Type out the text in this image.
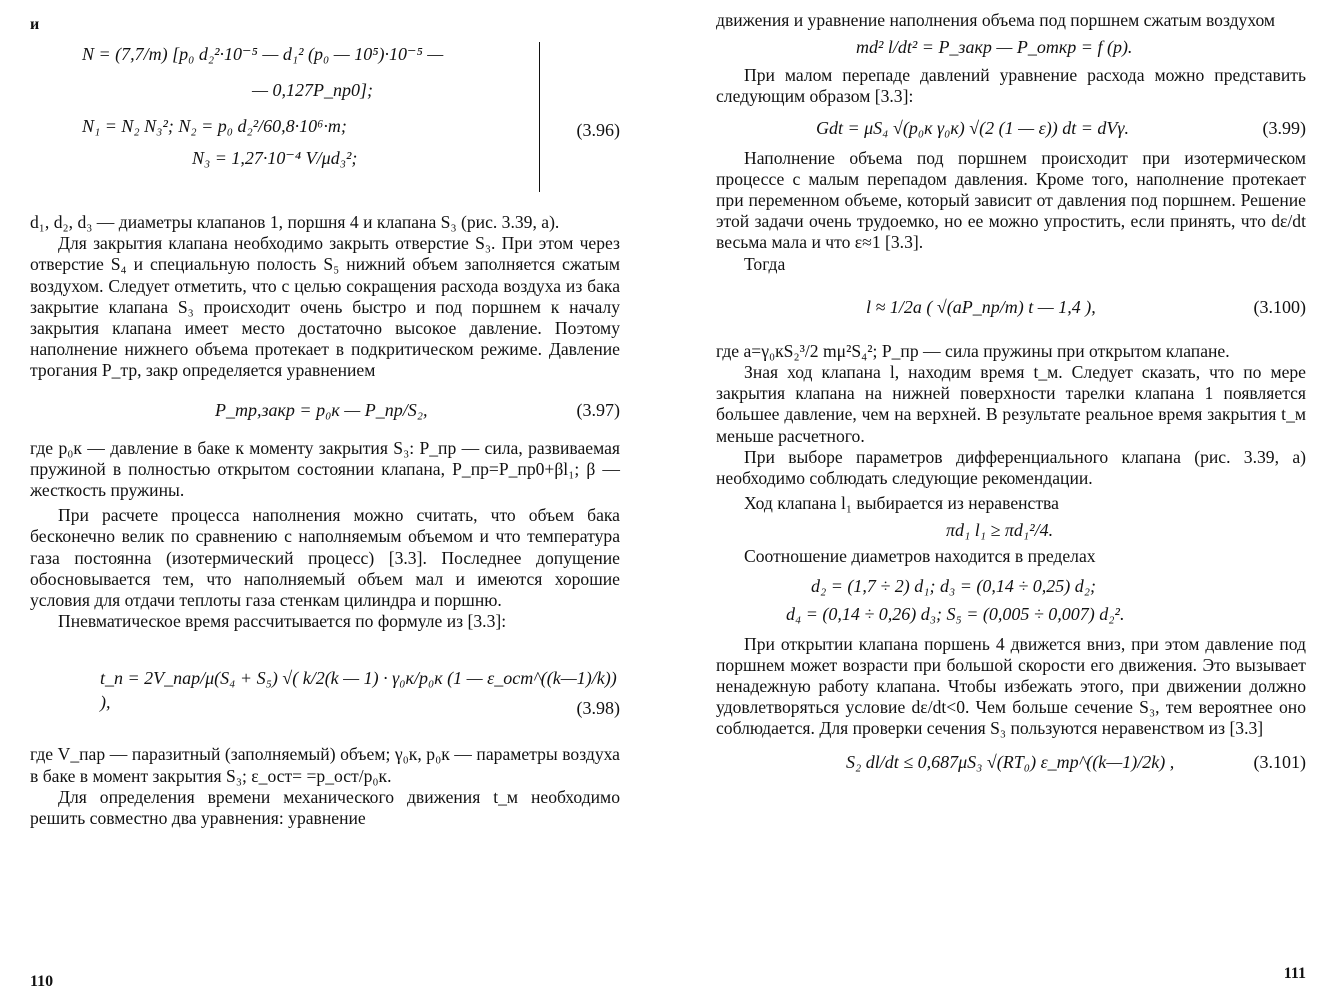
и
N = (7,7/m) [p₀ d₂²·10⁻⁵ — d₁² (p₀ — 10⁵)·10⁻⁵ —
— 0,127P_пр0];
N₁ = N₂ N₃²; N₂ = p₀ d₂²/60,8·10⁶·m;
N₃ = 1,27·10⁻⁴ V/μd₃²;
(3.96)

d₁, d₂, d₃ — диаметры клапанов 1, поршня 4 и клапана S₃ (рис. 3.39, а).

Для закрытия клапана необходимо закрыть отверстие S₃. При этом через отверстие S₄ и специальную полость S₅ нижний объем заполняется сжатым воздухом. Следует отметить, что с целью сокращения расхода воздуха из бака закрытие клапана S₃ происходит очень быстро и под поршнем к началу закрытия клапана имеет место достаточно высокое давление. Поэтому наполнение нижнего объема протекает в подкритическом режиме. Давление трогания P_тр, закр определяется уравнением

P_тр,закр = p₀к — P_пр/S₂,	(3.97)

где p₀к — давление в баке к моменту закрытия S₃: P_пр — сила, развиваемая пружиной в полностью открытом состоянии клапана, P_пр=P_пр0+βl₁; β — жесткость пружины.

При расчете процесса наполнения можно считать, что объем бака бесконечно велик по сравнению с наполняемым объемом и что температура газа постоянна (изотермический процесс) [3.3]. Последнее допущение обосновывается тем, что наполняемый объем мал и имеются хорошие условия для отдачи теплоты газа стенкам цилиндра и поршню.

Пневматическое время рассчитывается по формуле из [3.3]:

t_п = 2V_пар/μ(S₄ + S₅) √( k/2(k — 1) · γ₀к/p₀к (1 — ε_ост^((k—1)/k)) ),	(3.98)

где V_пар — паразитный (заполняемый) объем; γ₀к, p₀к — параметры воздуха в баке в момент закрытия S₃; ε_ост= =p_ост/p₀к.

Для определения времени механического движения t_м необходимо решить совместно два уравнения: уравнение

110

движения и уравнение наполнения объема под поршнем сжатым воздухом

md² l/dt² = P_закр — P_откр = f (p).

При малом перепаде давлений уравнение расхода можно представить следующим образом [3.3]:

Gdt = μS₄ √(p₀к γ₀к) √(2 (1 — ε)) dt = dVγ.	(3.99)

Наполнение объема под поршнем происходит при изотермическом процессе с малым перепадом давления. Кроме того, наполнение протекает при переменном объеме, который зависит от давления под поршнем. Решение этой задачи очень трудоемко, но ее можно упростить, если принять, что dε/dt весьма мала и что ε≈1 [3.3].

Тогда

l ≈ 1/2a ( √(aP_пр/m) t — 1,4 ),	(3.100)

где a=γ₀кS₂³/2 mμ²S₄²; P_пр — сила пружины при открытом клапане.

Зная ход клапана l, находим время t_м. Следует сказать, что по мере закрытия клапана на нижней поверхности тарелки клапана 1 появляется большее давление, чем на верхней. В результате реальное время закрытия t_м меньше расчетного.

При выборе параметров дифференциального клапана (рис. 3.39, а) необходимо соблюдать следующие рекомендации.

Ход клапана l₁ выбирается из неравенства

πd₁ l₁ ≥ πd₁²/4.

Соотношение диаметров находится в пределах

d₂ = (1,7 ÷ 2) d₁; d₃ = (0,14 ÷ 0,25) d₂;
d₄ = (0,14 ÷ 0,26) d₃; S₅ = (0,005 ÷ 0,007) d₂².

При открытии клапана поршень 4 движется вниз, при этом давление под поршнем может возрасти при большой скорости его движения. Это вызывает ненадежную работу клапана. Чтобы избежать этого, при движении должно удовлетворяться условие dε/dt<0. Чем больше сечение S₃, тем вероятнее оно соблюдается. Для проверки сечения S₃ пользуются неравенством из [3.3]

S₂ dl/dt ≤ 0,687μS₃ √(RT₀) ε_тр^((k—1)/2k) ,	(3.101)
111
